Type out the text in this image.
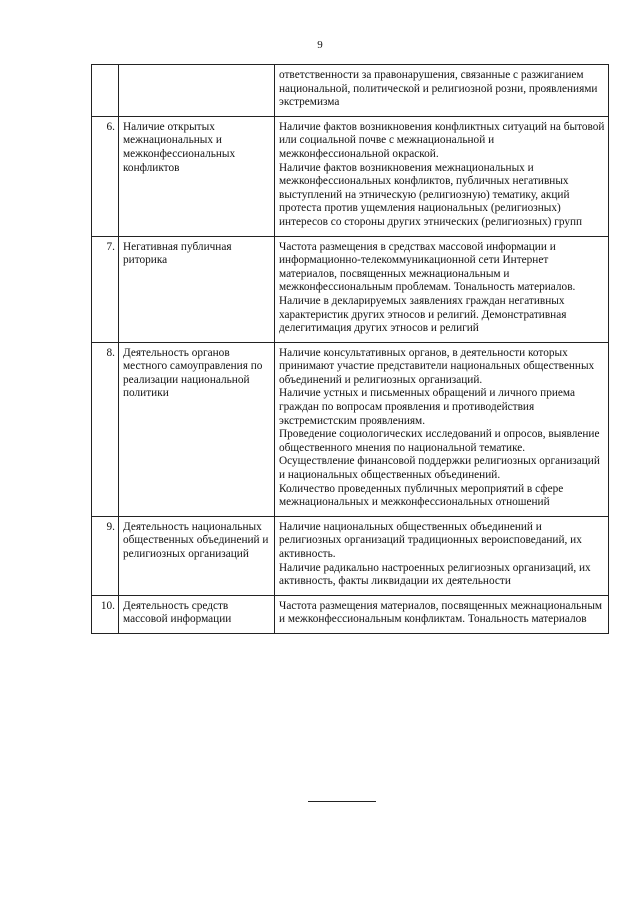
9

		ответственности за правонарушения, связанные с разжиганием национальной, политической и религиозной розни, проявлениями экстремизма

6.	Наличие открытых межнациональных и межконфессиональных конфликтов	Наличие фактов возникновения конфликтных ситуаций на бытовой или социальной почве с межнациональной и межконфессиональной окраской.

Наличие фактов возникновения межнациональных и межконфессиональных конфликтов, публичных негативных выступлений на этническую (религиозную) тематику, акций протеста против ущемления национальных (религиозных) интересов со стороны других этнических (религиозных) групп

7.	Негативная публичная риторика	Частота размещения в средствах массовой информации и информационно-телекоммуникационной сети Интернет материалов, посвященных межнациональным и межконфессиональным проблемам. Тональность материалов.

Наличие в декларируемых заявлениях граждан негативных характеристик других этносов и религий. Демонстративная делегитимация других этносов и религий

8.	Деятельность органов местного самоуправления по реализации национальной политики	Наличие консультативных органов, в деятельности которых принимают участие представители национальных общественных объединений и религиозных организаций.

Наличие устных и письменных обращений и личного приема граждан по вопросам проявления и противодействия экстремистским проявлениям.

Проведение социологических исследований и опросов, выявление общественного мнения по национальной тематике.

Осуществление финансовой поддержки религиозных организаций и национальных общественных объединений.

Количество проведенных публичных мероприятий в сфере межнациональных и межконфессиональных отношений

9.	Деятельность национальных общественных объединений и религиозных организаций	Наличие национальных общественных объединений и религиозных организаций традиционных вероисповеданий, их активность.

Наличие радикально настроенных религиозных организаций, их активность, факты ликвидации их деятельности

10.	Деятельность средств массовой информации	Частота размещения материалов, посвященных межнациональным и межконфессиональным конфликтам. Тональность материалов
